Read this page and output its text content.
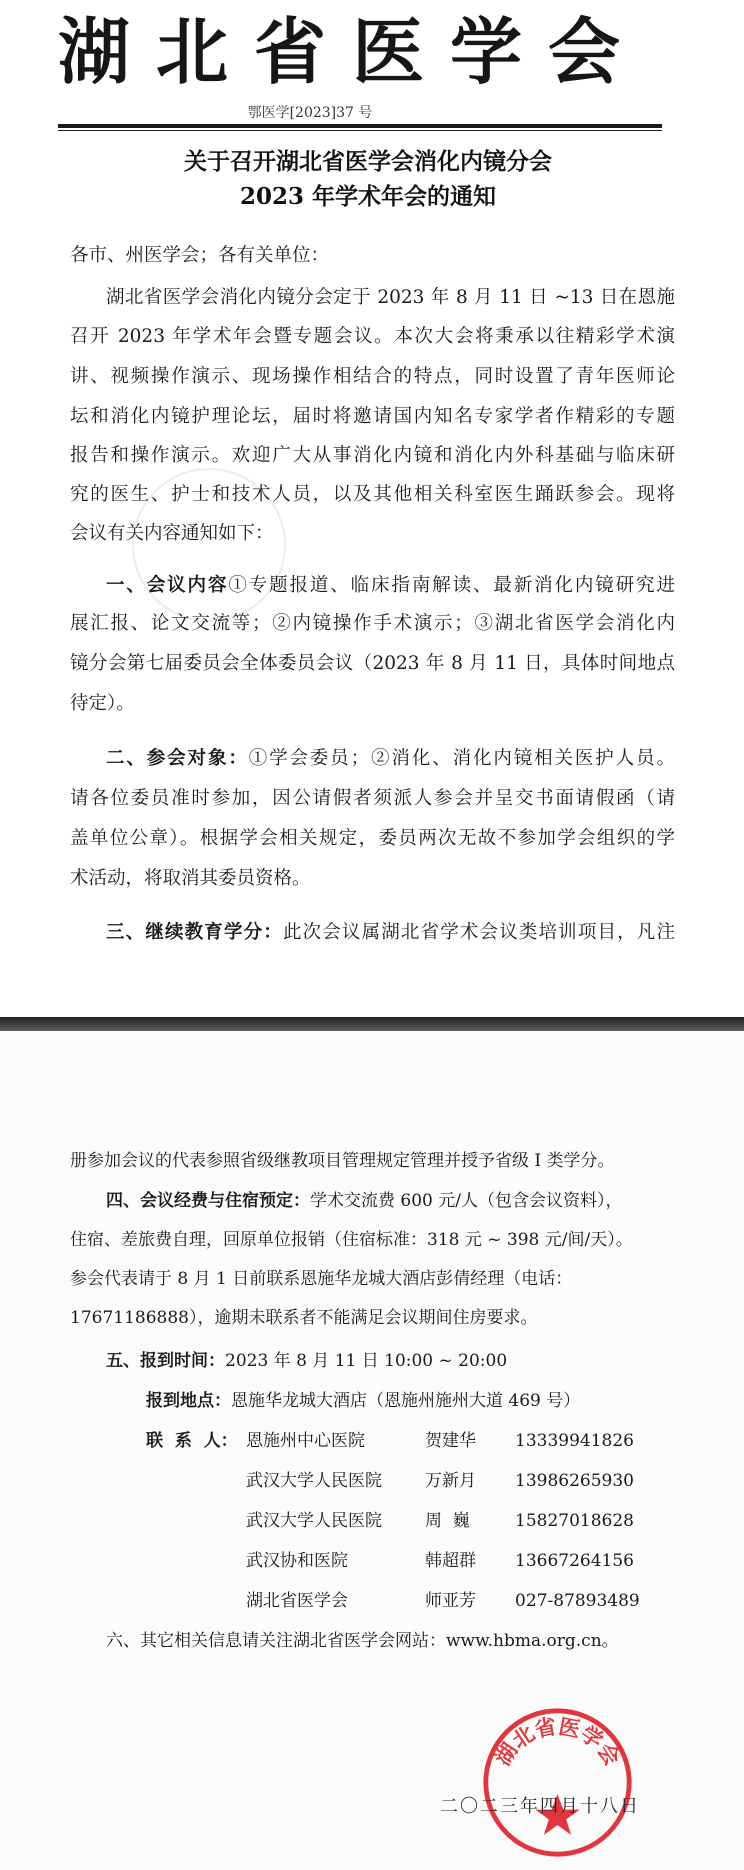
湖北省医学会
鄂医学[2023]37 号
关于召开湖北省医学会消化内镜分会
2023 年学术年会的通知
各市、州医学会；各有关单位：
湖北省医学会消化内镜分会定于 2023 年 8 月 11 日 ~13 日在恩施
召开 2023 年学术年会暨专题会议。本次大会将秉承以往精彩学术演
讲、视频操作演示、现场操作相结合的特点，同时设置了青年医师论
坛和消化内镜护理论坛，届时将邀请国内知名专家学者作精彩的专题
报告和操作演示。欢迎广大从事消化内镜和消化内外科基础与临床研
究的医生、护士和技术人员，以及其他相关科室医生踊跃参会。现将
会议有关内容通知如下：
一、会议内容①专题报道、临床指南解读、最新消化内镜研究进
展汇报、论文交流等；②内镜操作手术演示；③湖北省医学会消化内
镜分会第七届委员会全体委员会议（2023 年 8 月 11 日，具体时间地点
待定）。
二、参会对象：①学会委员；②消化、消化内镜相关医护人员。
请各位委员准时参加，因公请假者须派人参会并呈交书面请假函（请
盖单位公章）。根据学会相关规定，委员两次无故不参加学会组织的学
术活动，将取消其委员资格。
三、继续教育学分：此次会议属湖北省学术会议类培训项目，凡注
册参加会议的代表参照省级继教项目管理规定管理并授予省级 I 类学分。
四、会议经费与住宿预定：学术交流费 600 元/人（包含会议资料），
住宿、差旅费自理，回原单位报销（住宿标准：318 元 ~ 398 元/间/天）。
参会代表请于 8 月 1 日前联系恩施华龙城大酒店彭倩经理（电话：
17671186888），逾期未联系者不能满足会议期间住房要求。
五、报到时间：2023 年 8 月 11 日 10:00 ~ 20:00
报到地点：恩施华龙城大酒店（恩施州施州大道 469 号）
联  系  人： 恩施州中心医院	贺建华 13339941826
武汉大学人民医院	万新月 13986265930
武汉大学人民医院	周  巍	15827018628
武汉协和医院	韩超群 13667264156
湖北省医学会	师亚芳 027-87893489
六、其它相关信息请关注湖北省医学会网站：www.hbma.org.cn。
湖北省医学会
二〇二三年四月十八日
